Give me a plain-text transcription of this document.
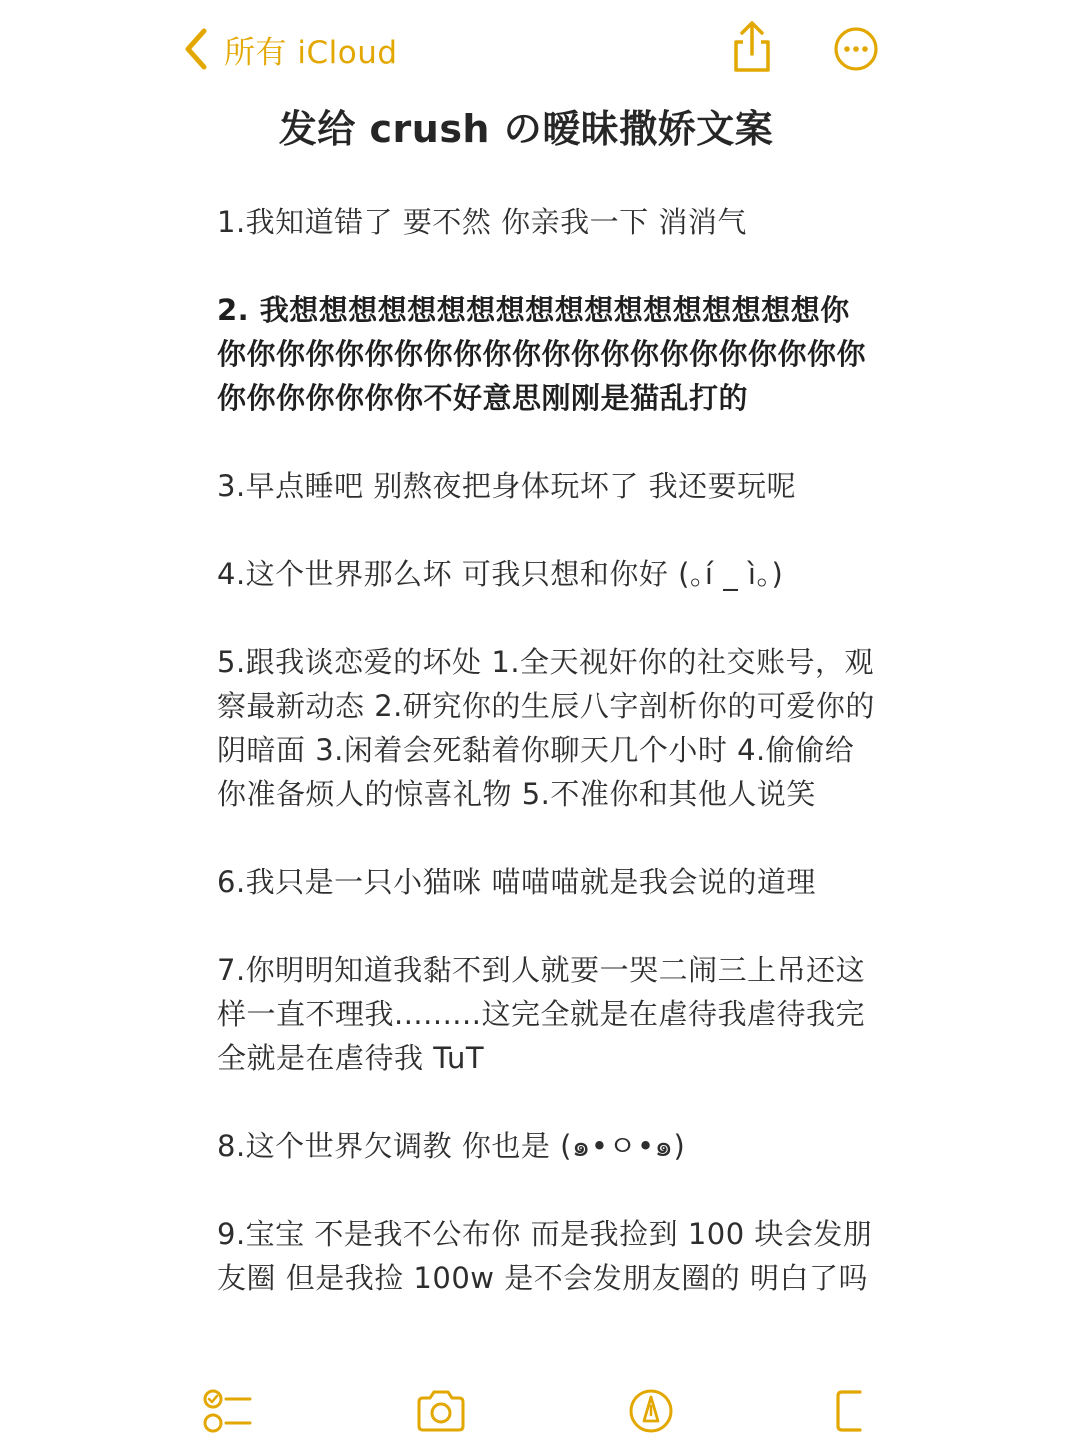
所有 iCloud
发给 crush の暧昧撒娇文案

1.我知道错了 要不然 你亲我一下 消消气

2. 我想想想想想想想想想想想想想想想想想想你你你你你你你你你你你你你你你你你你你你你你你你你你你你你你不好意思刚刚是猫乱打的

3.早点睡吧 别熬夜把身体玩坏了 我还要玩呢

4.这个世界那么坏 可我只想和你好 (｡í _ ì｡)

5.跟我谈恋爱的坏处 1.全天视奸你的社交账号，观察最新动态 2.研究你的生辰八字剖析你的可爱你的阴暗面 3.闲着会死黏着你聊天几个小时 4.偷偷给你准备烦人的惊喜礼物 5.不准你和其他人说笑

6.我只是一只小猫咪 喵喵喵就是我会说的道理

7.你明明知道我黏不到人就要一哭二闹三上吊还这样一直不理我.........这完全就是在虐待我虐待我完全就是在虐待我 TuT

8.这个世界欠调教 你也是 (๑•ㅇ•๑)

9.宝宝 不是我不公布你 而是我捡到 100 块会发朋友圈 但是我捡 100w 是不会发朋友圈的 明白了吗
